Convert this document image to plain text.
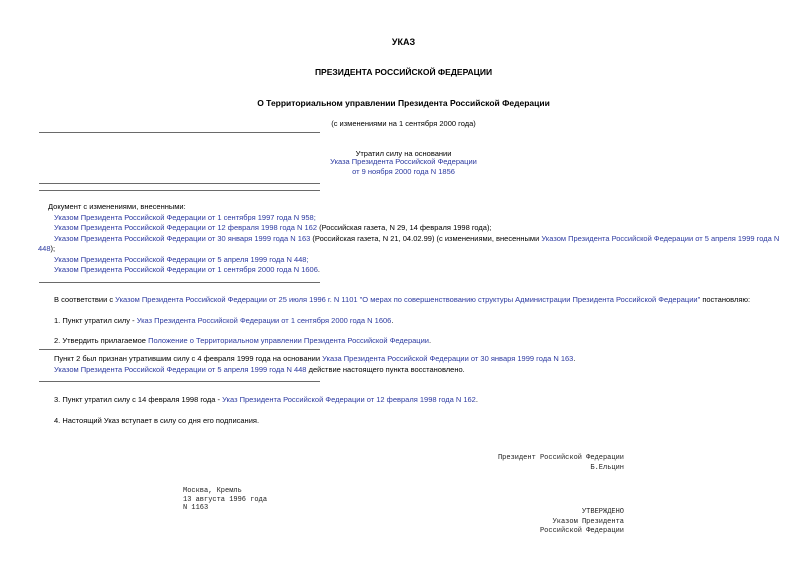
УКАЗ
ПРЕЗИДЕНТА РОССИЙСКОЙ ФЕДЕРАЦИИ
О Территориальном управлении Президента Российской Федерации
(с изменениями на 1 сентября 2000 года)
Утратил силу на основании
Указа Президента Российской Федерации
от 9 ноября 2000 года N 1856
Документ с изменениями, внесенными:
Указом Президента Российской Федерации от 1 сентября 1997 года N 958;
Указом Президента Российской Федерации от 12 февраля 1998 года N 162 (Российская газета, N 29, 14 февраля 1998 года);
Указом Президента Российской Федерации от 30 января 1999 года N 163 (Российская газета, N 21, 04.02.99) (с изменениями, внесенными Указом Президента Российской Федерации от 5 апреля 1999 года N
448);
Указом Президента Российской Федерации от 5 апреля 1999 года N 448;
Указом Президента Российской Федерации от 1 сентября 2000 года N 1606.
В соответствии с Указом Президента Российской Федерации от 25 июля 1996 г. N 1101 "О мерах по совершенствованию структуры Администрации Президента Российской Федерации" постановляю:
1. Пункт утратил силу - Указ Президента Российской Федерации от 1 сентября 2000 года N 1606.
2. Утвердить прилагаемое Положение о Территориальном управлении Президента Российской Федерации.
Пункт 2 был признан утратившим силу с 4 февраля 1999 года на основании Указа Президента Российской Федерации от 30 января 1999 года N 163.
Указом Президента Российской Федерации от 5 апреля 1999 года N 448 действие настоящего пункта восстановлено.
3. Пункт утратил силу с 14 февраля 1998 года - Указ Президента Российской Федерации от 12 февраля 1998 года N 162.
4. Настоящий Указ вступает в силу со дня его подписания.
Президент Российской Федерации
Б.Ельцин
Москва, Кремль
13 августа 1996 года
N 1163	УТВЕРЖДЕНО
Указом Президента
Российской Федерации
